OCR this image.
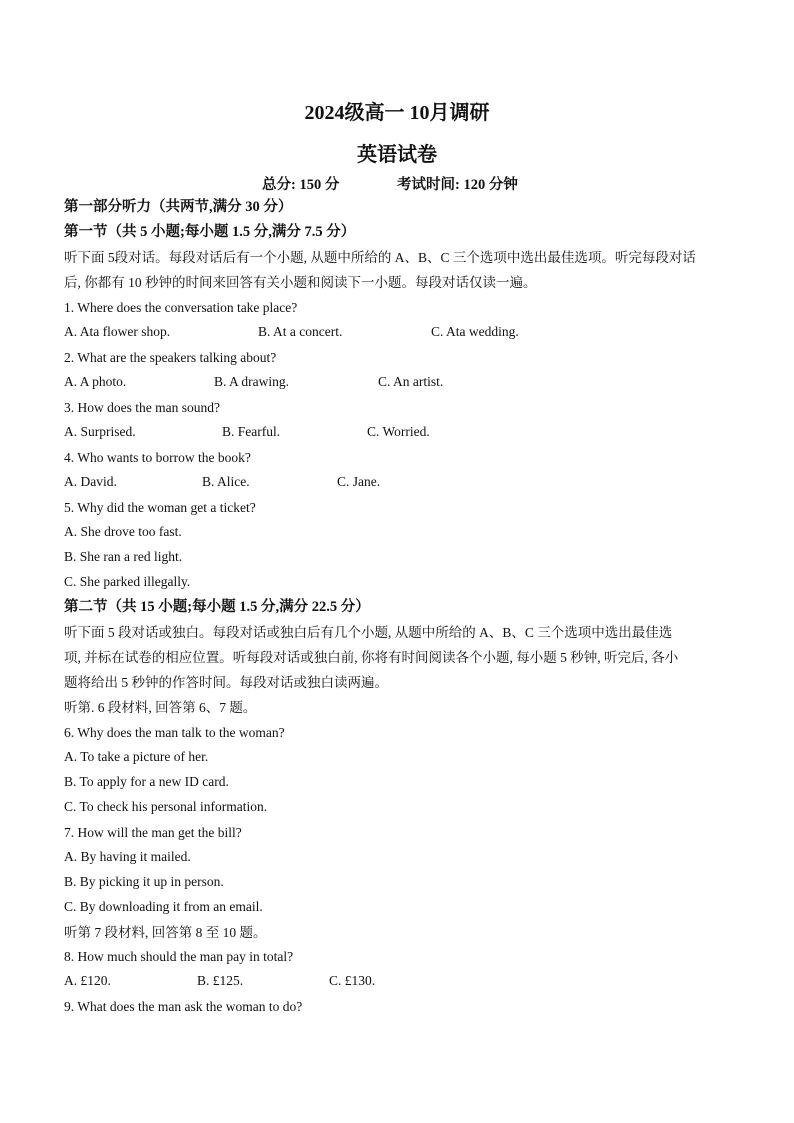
2024级高一 10月调研
英语试卷
总分: 150 分	考试时间: 120 分钟
第一部分听力（共两节,满分 30 分）
第一节（共 5 小题;每小题 1.5 分,满分 7.5 分）
听下面 5段对话。每段对话后有一个小题, 从题中所给的 A、B、C 三个选项中选出最佳选项。听完每段对话
后, 你都有 10 秒钟的时间来回答有关小题和阅读下一小题。每段对话仅读一遍。
1. Where does the conversation take place?
A. Ata flower shop.	B. At a concert.	C. Ata wedding.
2. What are the speakers talking about?
A. A photo.	B. A drawing.	C. An artist.
3. How does the man sound?
A. Surprised.	B. Fearful.	C. Worried.
4. Who wants to borrow the book?
A. David.	B. Alice.	C. Jane.
5. Why did the woman get a ticket?
A. She drove too fast.
B. She ran a red light.
C. She parked illegally.
第二节（共 15 小题;每小题 1.5 分,满分 22.5 分）
听下面 5 段对话或独白。每段对话或独白后有几个小题, 从题中所给的 A、B、C 三个选项中选出最佳选
项, 并标在试卷的相应位置。听每段对话或独白前, 你将有时间阅读各个小题, 每小题 5 秒钟, 听完后, 各小
题将给出 5 秒钟的作答时间。每段对话或独白读两遍。
听第. 6 段材料, 回答第 6、7 题。
6. Why does the man talk to the woman?
A. To take a picture of her.
B. To apply for a new ID card.
C. To check his personal information.
7. How will the man get the bill?
A. By having it mailed.
B. By picking it up in person.
C. By downloading it from an email.
听第 7 段材料, 回答第 8 至 10 题。
8. How much should the man pay in total?
A. £120.	B. £125.	C. £130.
9. What does the man ask the woman to do?
